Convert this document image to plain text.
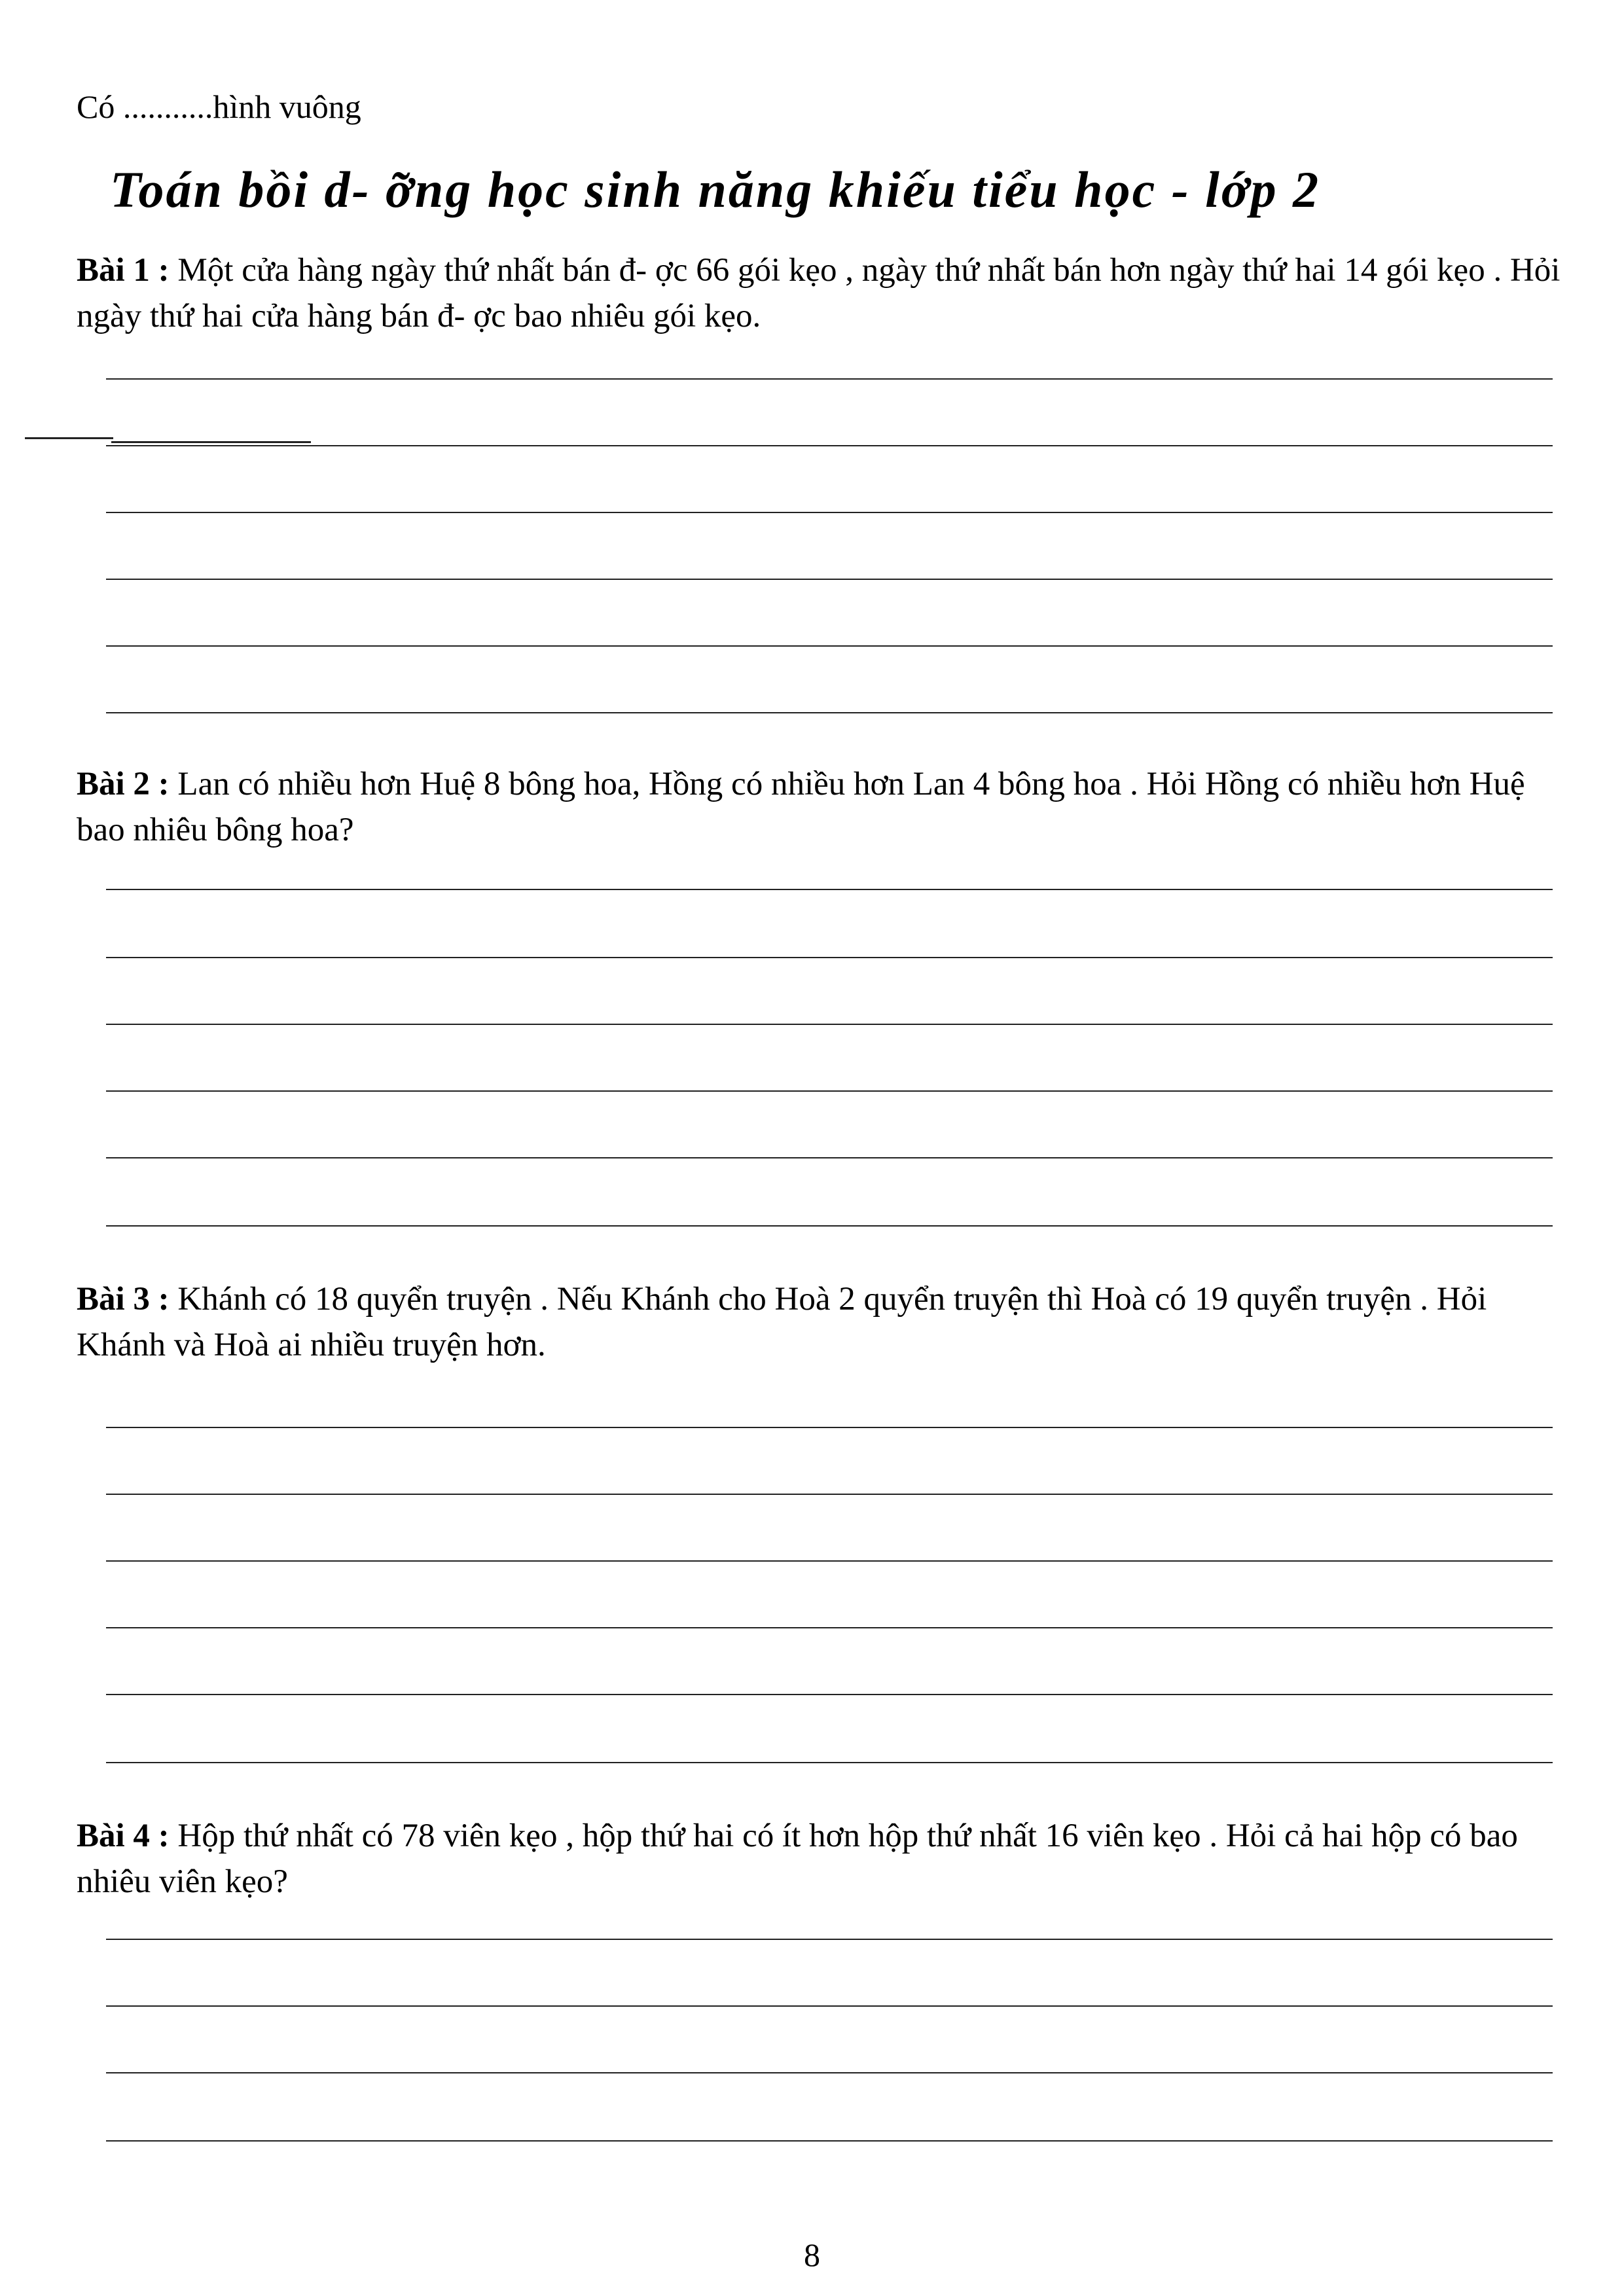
Có ...........hình vuông
Toán bồi d- ỡng học sinh năng khiếu tiểu học - lớp 2
Bài 1 : Một cửa hàng ngày thứ nhất bán đ- ợc 66 gói kẹo , ngày thứ nhất bán hơn ngày thứ hai 14 gói kẹo . Hỏi ngày thứ hai cửa hàng bán đ- ợc bao nhiêu gói kẹo.
Bài 2 : Lan có nhiều hơn Huệ 8 bông hoa, Hồng có nhiều hơn Lan 4 bông hoa . Hỏi Hồng có nhiều hơn Huệ bao nhiêu bông hoa?
Bài 3 : Khánh có 18 quyển truyện . Nếu Khánh cho Hoà 2 quyển truyện thì Hoà có 19 quyển truyện . Hỏi Khánh và Hoà ai nhiều truyện hơn.
Bài 4 : Hộp thứ nhất có 78 viên kẹo , hộp thứ hai có ít hơn hộp thứ nhất 16 viên kẹo . Hỏi cả hai hộp có bao nhiêu viên kẹo?
8
